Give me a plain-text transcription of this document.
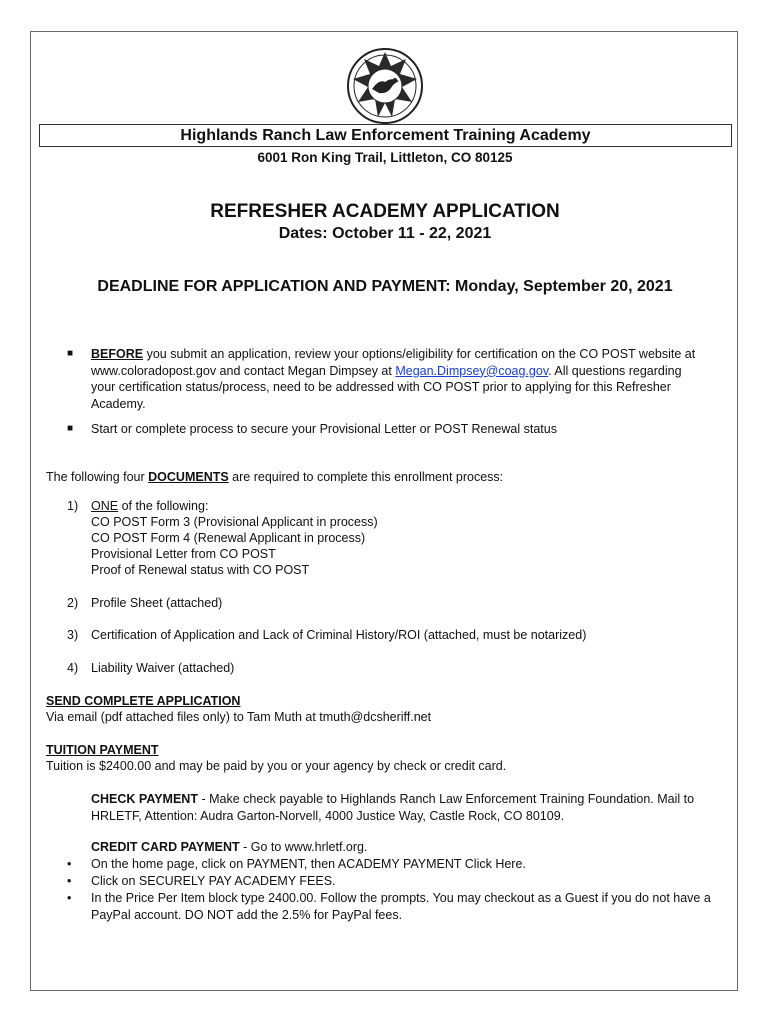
Highlands Ranch Law Enforcement Training Academy
6001 Ron King Trail, Littleton, CO 80125
REFRESHER ACADEMY APPLICATION
Dates: October 11 - 22, 2021
DEADLINE FOR APPLICATION AND PAYMENT: Monday, September 20, 2021
■ BEFORE you submit an application, review your options/eligibility for certification on the CO POST website at www.coloradopost.gov and contact Megan Dimpsey at Megan.Dimpsey@coag.gov. All questions regarding your certification status/process, need to be addressed with CO POST prior to applying for this Refresher Academy.
■ Start or complete process to secure your Provisional Letter or POST Renewal status
The following four DOCUMENTS are required to complete this enrollment process:
1) ONE of the following:
CO POST Form 3 (Provisional Applicant in process)
CO POST Form 4 (Renewal Applicant in process)
Provisional Letter from CO POST
Proof of Renewal status with CO POST
2) Profile Sheet (attached)
3) Certification of Application and Lack of Criminal History/ROI (attached, must be notarized)
4) Liability Waiver (attached)
SEND COMPLETE APPLICATION
Via email (pdf attached files only) to Tam Muth at tmuth@dcsheriff.net
TUITION PAYMENT
Tuition is $2400.00 and may be paid by you or your agency by check or credit card.
CHECK PAYMENT - Make check payable to Highlands Ranch Law Enforcement Training Foundation. Mail to HRLETF, Attention: Audra Garton-Norvell, 4000 Justice Way, Castle Rock, CO 80109.
CREDIT CARD PAYMENT - Go to www.hrletf.org.
• On the home page, click on PAYMENT, then ACADEMY PAYMENT Click Here.
• Click on SECURELY PAY ACADEMY FEES.
• In the Price Per Item block type 2400.00. Follow the prompts. You may checkout as a Guest if you do not have a PayPal account. DO NOT add the 2.5% for PayPal fees.
